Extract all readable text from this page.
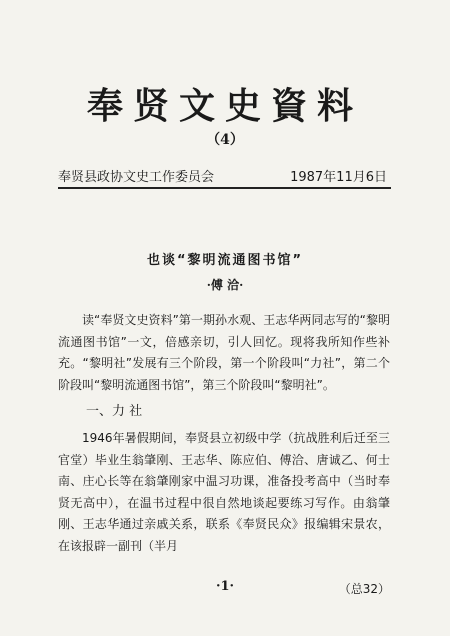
奉贤文史資料
（4）
奉贤县政协文史工作委员会	1987年11月6日
也谈“黎明流通图书馆”
·傅 洽·
读“奉贤文史资料”第一期孙水观、王志华两同志写的“黎明流通图书馆”一文，倍感亲切，引人回忆。现将我所知作些补充。“黎明社”发展有三个阶段，第一个阶段叫“力社”，第二个阶段叫“黎明流通图书馆”，第三个阶段叫“黎明社”。
一、力 社
1946年暑假期间，奉贤县立初级中学（抗战胜利后迁至三官堂）毕业生翁肇刚、王志华、陈应伯、傅洽、唐诚乙、何士南、庄心长等在翁肇刚家中温习功课，准备投考高中（当时奉贤无高中），在温书过程中很自然地谈起要练习写作。由翁肇刚、王志华通过亲戚关系，联系《奉贤民众》报编辑宋景农，在该报辟一副刊（半月
·1·	（总32）
